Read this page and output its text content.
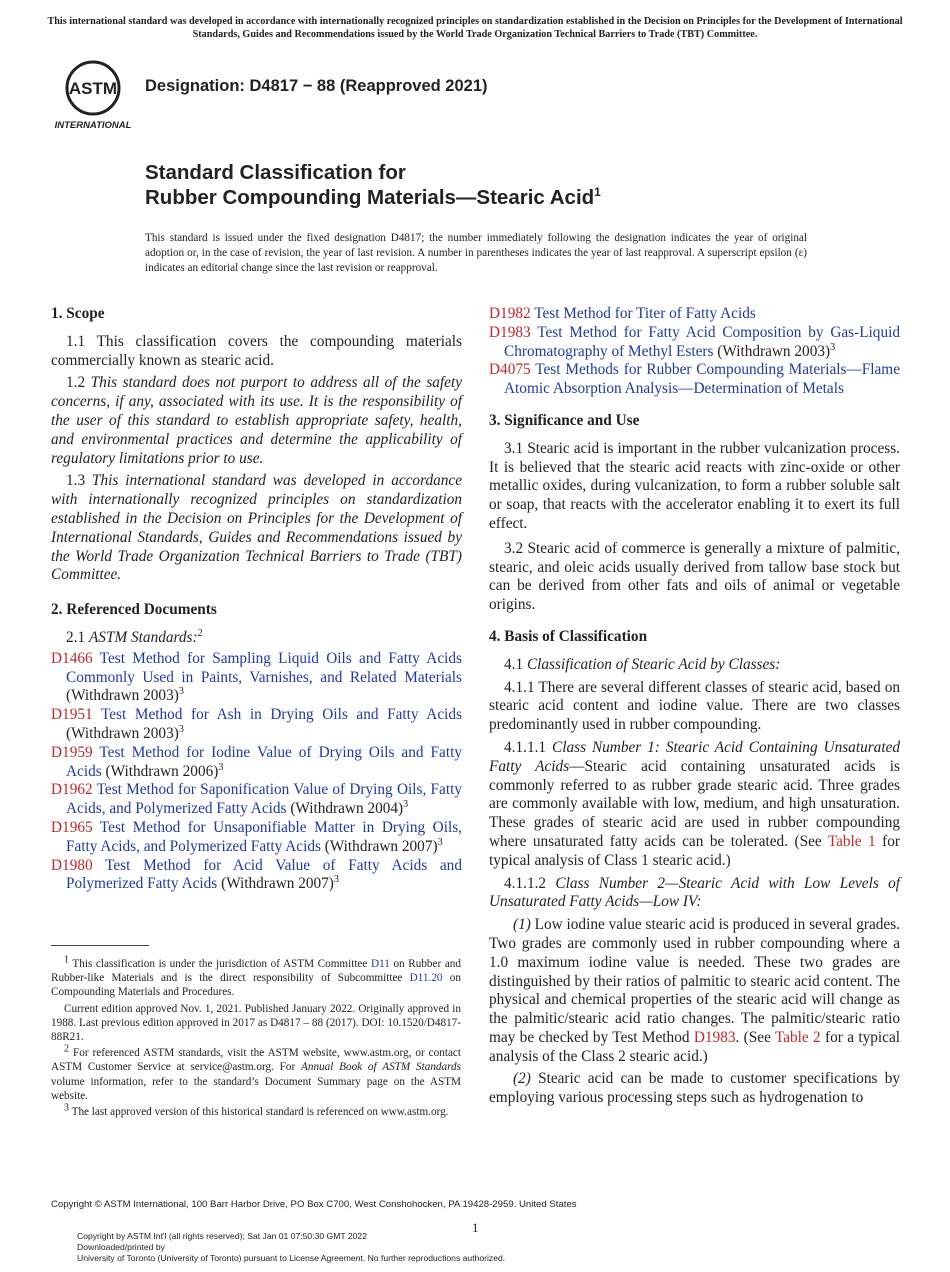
This international standard was developed in accordance with internationally recognized principles on standardization established in the Decision on Principles for the Development of International Standards, Guides and Recommendations issued by the World Trade Organization Technical Barriers to Trade (TBT) Committee.
ASTM
INTERNATIONAL
Designation: D4817 − 88 (Reapproved 2021)
Standard Classification for
Rubber Compounding Materials—Stearic Acid$^1$
This standard is issued under the fixed designation D4817; the number immediately following the designation indicates the year of original adoption or, in the case of revision, the year of last revision. A number in parentheses indicates the year of last reapproval. A superscript epsilon (ε) indicates an editorial change since the last revision or reapproval.
1. Scope

1.1 This classification covers the compounding materials commercially known as stearic acid.

1.2 This standard does not purport to address all of the safety concerns, if any, associated with its use. It is the responsibility of the user of this standard to establish appropriate safety, health, and environmental practices and determine the applicability of regulatory limitations prior to use.

1.3 This international standard was developed in accordance with internationally recognized principles on standardization established in the Decision on Principles for the Development of International Standards, Guides and Recommendations issued by the World Trade Organization Technical Barriers to Trade (TBT) Committee.

2. Referenced Documents

2.1 ASTM Standards:$^2$

D1466 Test Method for Sampling Liquid Oils and Fatty Acids Commonly Used in Paints, Varnishes, and Related Materials (Withdrawn 2003)$^3$

D1951 Test Method for Ash in Drying Oils and Fatty Acids (Withdrawn 2003)$^3$

D1959 Test Method for Iodine Value of Drying Oils and Fatty Acids (Withdrawn 2006)$^3$

D1962 Test Method for Saponification Value of Drying Oils, Fatty Acids, and Polymerized Fatty Acids (Withdrawn 2004)$^3$

D1965 Test Method for Unsaponifiable Matter in Drying Oils, Fatty Acids, and Polymerized Fatty Acids (Withdrawn 2007)$^3$

D1980 Test Method for Acid Value of Fatty Acids and Polymerized Fatty Acids (Withdrawn 2007)$^3$

D1982 Test Method for Titer of Fatty Acids

D1983 Test Method for Fatty Acid Composition by Gas-Liquid Chromatography of Methyl Esters (Withdrawn 2003)$^3$

D4075 Test Methods for Rubber Compounding Materials—Flame Atomic Absorption Analysis—Determination of Metals

3. Significance and Use

3.1 Stearic acid is important in the rubber vulcanization process. It is believed that the stearic acid reacts with zinc-oxide or other metallic oxides, during vulcanization, to form a rubber soluble salt or soap, that reacts with the accelerator enabling it to exert its full effect.

3.2 Stearic acid of commerce is generally a mixture of palmitic, stearic, and oleic acids usually derived from tallow base stock but can be derived from other fats and oils of animal or vegetable origins.

4. Basis of Classification

4.1 Classification of Stearic Acid by Classes:

4.1.1 There are several different classes of stearic acid, based on stearic acid content and iodine value. There are two classes predominantly used in rubber compounding.

4.1.1.1 Class Number 1: Stearic Acid Containing Unsaturated Fatty Acids—Stearic acid containing unsaturated acids is commonly referred to as rubber grade stearic acid. Three grades are commonly available with low, medium, and high unsaturation. These grades of stearic acid are used in rubber compounding where unsaturated fatty acids can be tolerated. (See Table 1 for typical analysis of Class 1 stearic acid.)

4.1.1.2 Class Number 2—Stearic Acid with Low Levels of Unsaturated Fatty Acids—Low IV:

(1) Low iodine value stearic acid is produced in several grades. Two grades are commonly used in rubber compounding where a 1.0 maximum iodine value is needed. These two grades are distinguished by their ratios of palmitic to stearic acid content. The physical and chemical properties of the stearic acid will change as the palmitic/stearic acid ratio changes. The palmitic/stearic ratio may be checked by Test Method D1983. (See Table 2 for a typical analysis of the Class 2 stearic acid.)

(2) Stearic acid can be made to customer specifications by employing various processing steps such as hydrogenation to

$^1$ This classification is under the jurisdiction of ASTM Committee D11 on Rubber and Rubber-like Materials and is the direct responsibility of Subcommittee D11.20 on Compounding Materials and Procedures.

Current edition approved Nov. 1, 2021. Published January 2022. Originally approved in 1988. Last previous edition approved in 2017 as D4817 – 88 (2017). DOI: 10.1520/D4817-88R21.

$^2$ For referenced ASTM standards, visit the ASTM website, www.astm.org, or contact ASTM Customer Service at service@astm.org. For Annual Book of ASTM Standards volume information, refer to the standard’s Document Summary page on the ASTM website.

$^3$ The last approved version of this historical standard is referenced on www.astm.org.

Copyright © ASTM International, 100 Barr Harbor Drive, PO Box C700, West Conshohocken, PA 19428-2959. United States
1
Copyright by ASTM Int'l (all rights reserved); Sat Jan 01 07:50:30 GMT 2022
Downloaded/printed by
University of Toronto (University of Toronto) pursuant to License Agreement. No further reproductions authorized.
